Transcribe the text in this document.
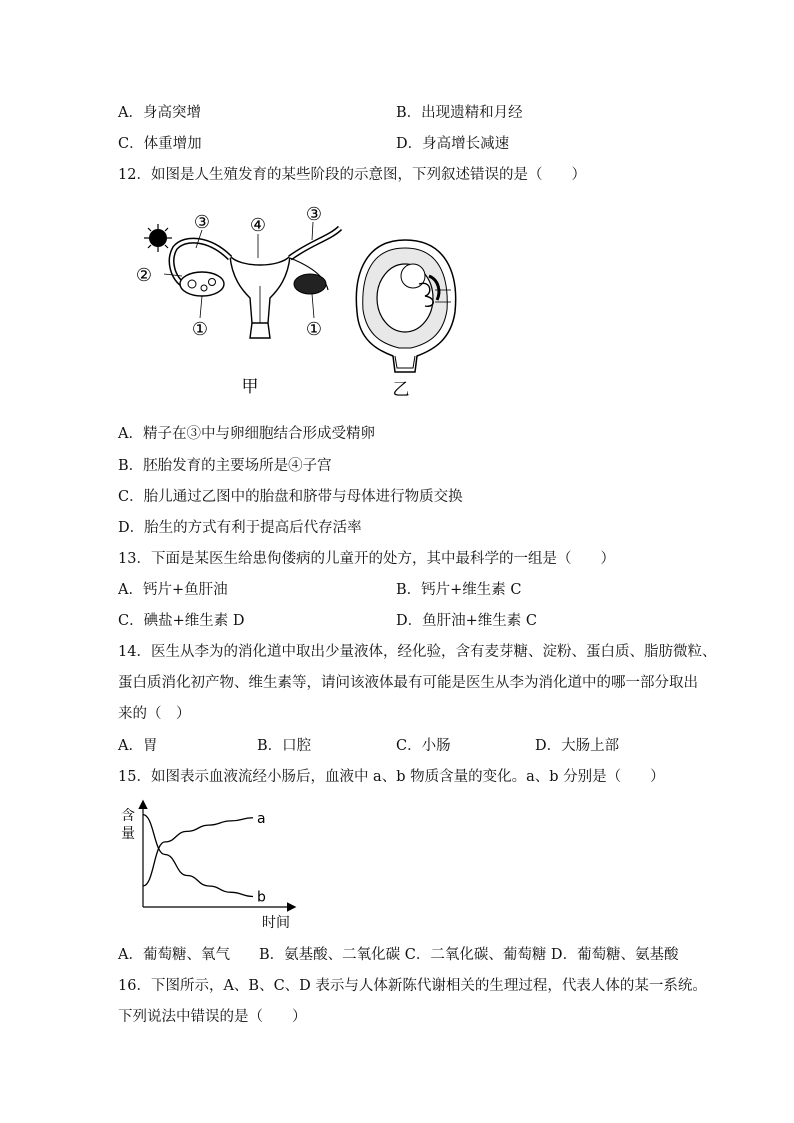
A．身高突增	B．出现遗精和月经
C．体重增加	D．身高增长减速
12．如图是人生殖发育的某些阶段的示意图，下列叙述错误的是（　　）
③ ④
③
②
①	①
甲	乙
A．精子在③中与卵细胞结合形成受精卵
B．胚胎发育的主要场所是④子宫
C．胎儿通过乙图中的胎盘和脐带与母体进行物质交换
D．胎生的方式有利于提高后代存活率
13．下面是某医生给患佝偻病的儿童开的处方，其中最科学的一组是（　　）
A．钙片+鱼肝油	B．钙片+维生素 C
C．碘盐+维生素 D	D．鱼肝油+维生素 C
14．医生从李为的消化道中取出少量液体，经化验，含有麦芽糖、淀粉、蛋白质、脂肪微粒、
蛋白质消化初产物、维生素等，请问该液体最有可能是医生从李为消化道中的哪一部分取出
来的（　）
A．胃	B．口腔	C．小肠	D．大肠上部
15．如图表示血液流经小肠后，血液中 a、b 物质含量的变化。a、b 分别是（　　）
含
量
时间
a
b
A．葡萄糖、氧气　　B．氨基酸、二氧化碳 C．二氧化碳、葡萄糖 D．葡萄糖、氨基酸
16．下图所示，A、B、C、D 表示与人体新陈代谢相关的生理过程，代表人体的某一系统。
下列说法中错误的是（　　）
